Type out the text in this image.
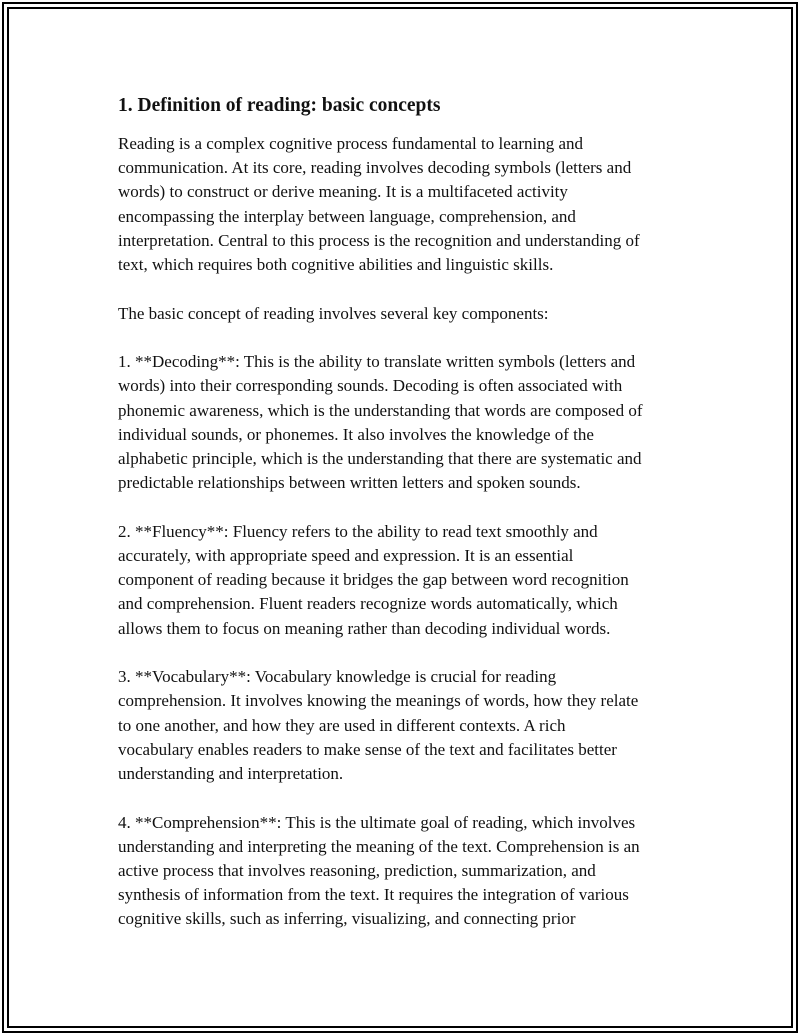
1. Definition of reading: basic concepts

Reading is a complex cognitive process fundamental to learning and
communication. At its core, reading involves decoding symbols (letters and
words) to construct or derive meaning. It is a multifaceted activity
encompassing the interplay between language, comprehension, and
interpretation. Central to this process is the recognition and understanding of
text, which requires both cognitive abilities and linguistic skills.

The basic concept of reading involves several key components:

1. **Decoding**: This is the ability to translate written symbols (letters and
words) into their corresponding sounds. Decoding is often associated with
phonemic awareness, which is the understanding that words are composed of
individual sounds, or phonemes. It also involves the knowledge of the
alphabetic principle, which is the understanding that there are systematic and
predictable relationships between written letters and spoken sounds.

2. **Fluency**: Fluency refers to the ability to read text smoothly and
accurately, with appropriate speed and expression. It is an essential
component of reading because it bridges the gap between word recognition
and comprehension. Fluent readers recognize words automatically, which
allows them to focus on meaning rather than decoding individual words.

3. **Vocabulary**: Vocabulary knowledge is crucial for reading
comprehension. It involves knowing the meanings of words, how they relate
to one another, and how they are used in different contexts. A rich
vocabulary enables readers to make sense of the text and facilitates better
understanding and interpretation.

4. **Comprehension**: This is the ultimate goal of reading, which involves
understanding and interpreting the meaning of the text. Comprehension is an
active process that involves reasoning, prediction, summarization, and
synthesis of information from the text. It requires the integration of various
cognitive skills, such as inferring, visualizing, and connecting prior
